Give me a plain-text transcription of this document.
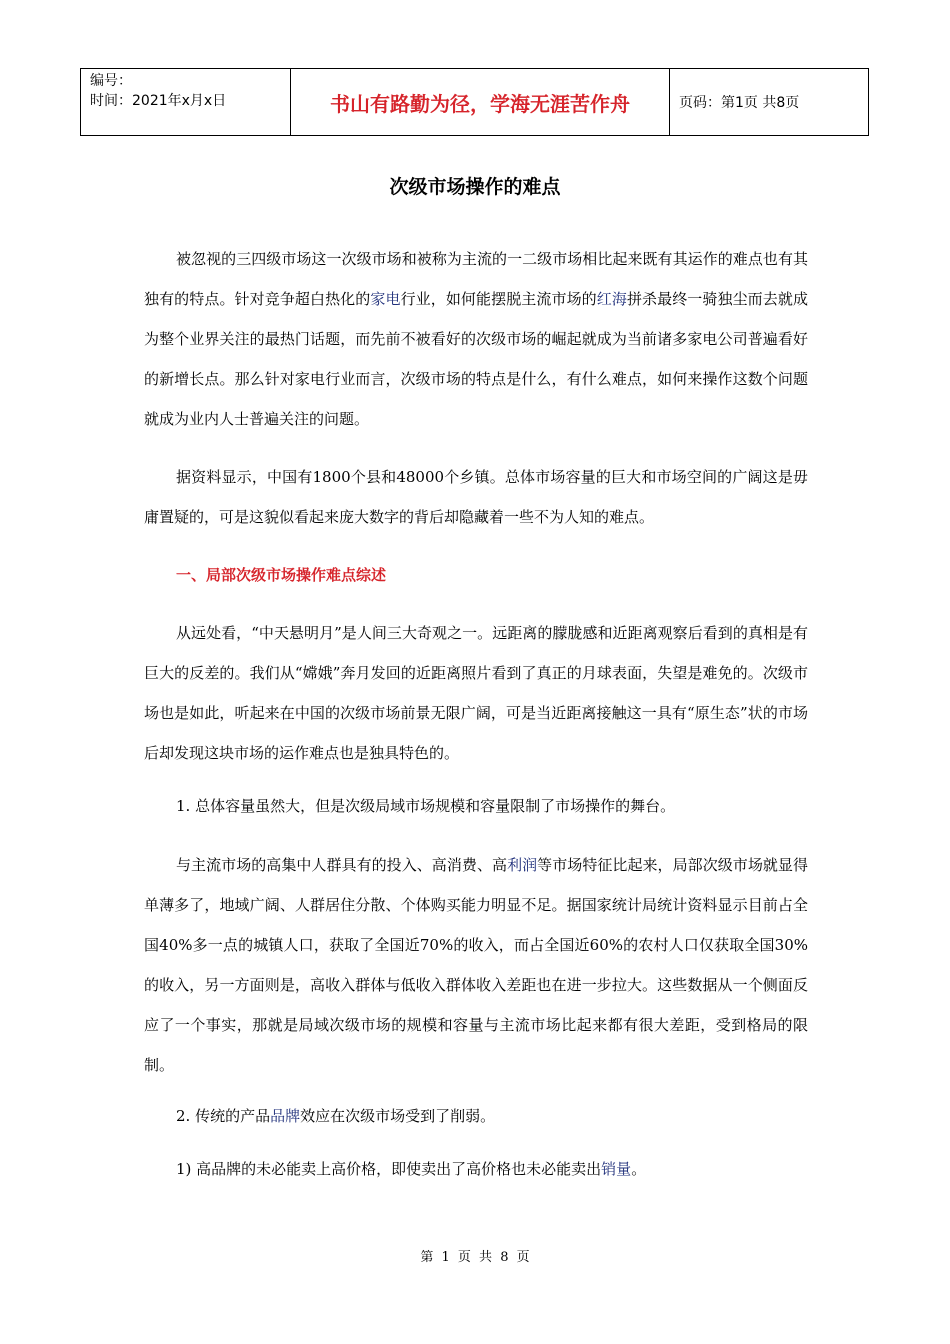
编号：
时间：2021年x月x日	书山有路勤为径，学海无涯苦作舟	页码：第1页 共8页
次级市场操作的难点

被忽视的三四级市场这一次级市场和被称为主流的一二级市场相比起来既有其运作的难点也有其独有的特点。针对竞争超白热化的家电行业，如何能摆脱主流市场的红海拼杀最终一骑独尘而去就成为整个业界关注的最热门话题，而先前不被看好的次级市场的崛起就成为当前诸多家电公司普遍看好的新增长点。那么针对家电行业而言，次级市场的特点是什么，有什么难点，如何来操作这数个问题就成为业内人士普遍关注的问题。

据资料显示，中国有1800个县和48000个乡镇。总体市场容量的巨大和市场空间的广阔这是毋庸置疑的，可是这貌似看起来庞大数字的背后却隐藏着一些不为人知的难点。

一、局部次级市场操作难点综述

从远处看，“中天悬明月”是人间三大奇观之一。远距离的朦胧感和近距离观察后看到的真相是有巨大的反差的。我们从“嫦娥”奔月发回的近距离照片看到了真正的月球表面，失望是难免的。次级市场也是如此，听起来在中国的次级市场前景无限广阔，可是当近距离接触这一具有“原生态”状的市场后却发现这块市场的运作难点也是独具特色的。

1. 总体容量虽然大，但是次级局域市场规模和容量限制了市场操作的舞台。

与主流市场的高集中人群具有的投入、高消费、高利润等市场特征比起来，局部次级市场就显得单薄多了，地域广阔、人群居住分散、个体购买能力明显不足。据国家统计局统计资料显示目前占全国40%多一点的城镇人口，获取了全国近70%的收入，而占全国近60%的农村人口仅获取全国30%的收入，另一方面则是，高收入群体与低收入群体收入差距也在进一步拉大。这些数据从一个侧面反应了一个事实，那就是局域次级市场的规模和容量与主流市场比起来都有很大差距，受到格局的限制。

2. 传统的产品品牌效应在次级市场受到了削弱。

1) 高品牌的未必能卖上高价格，即使卖出了高价格也未必能卖出销量。

第 1 页 共 8 页
